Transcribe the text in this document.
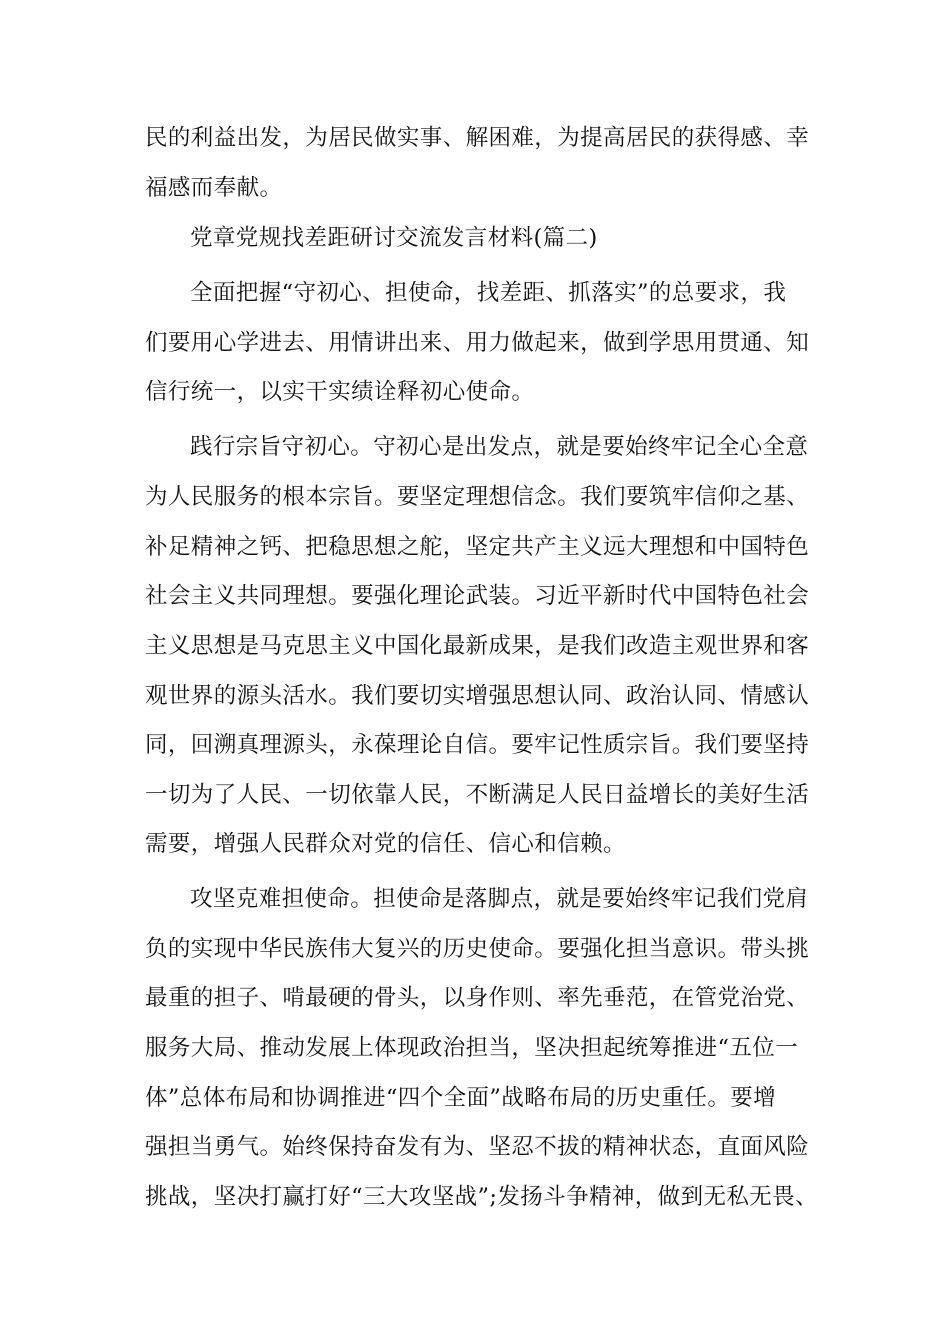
民的利益出发，为居民做实事、解困难，为提高居民的获得感、幸
福感而奉献。
党章党规找差距研讨交流发言材料(篇二)
全面把握“守初心、担使命，找差距、抓落实”的总要求，我
们要用心学进去、用情讲出来、用力做起来，做到学思用贯通、知
信行统一，以实干实绩诠释初心使命。
践行宗旨守初心。守初心是出发点，就是要始终牢记全心全意
为人民服务的根本宗旨。要坚定理想信念。我们要筑牢信仰之基、
补足精神之钙、把稳思想之舵，坚定共产主义远大理想和中国特色
社会主义共同理想。要强化理论武装。习近平新时代中国特色社会
主义思想是马克思主义中国化最新成果，是我们改造主观世界和客
观世界的源头活水。我们要切实增强思想认同、政治认同、情感认
同，回溯真理源头，永葆理论自信。要牢记性质宗旨。我们要坚持
一切为了人民、一切依靠人民，不断满足人民日益增长的美好生活
需要，增强人民群众对党的信任、信心和信赖。
攻坚克难担使命。担使命是落脚点，就是要始终牢记我们党肩
负的实现中华民族伟大复兴的历史使命。要强化担当意识。带头挑
最重的担子、啃最硬的骨头，以身作则、率先垂范，在管党治党、
服务大局、推动发展上体现政治担当，坚决担起统筹推进“五位一
体”总体布局和协调推进“四个全面”战略布局的历史重任。要增
强担当勇气。始终保持奋发有为、坚忍不拔的精神状态，直面风险
挑战，坚决打赢打好“三大攻坚战”;发扬斗争精神，做到无私无畏、
